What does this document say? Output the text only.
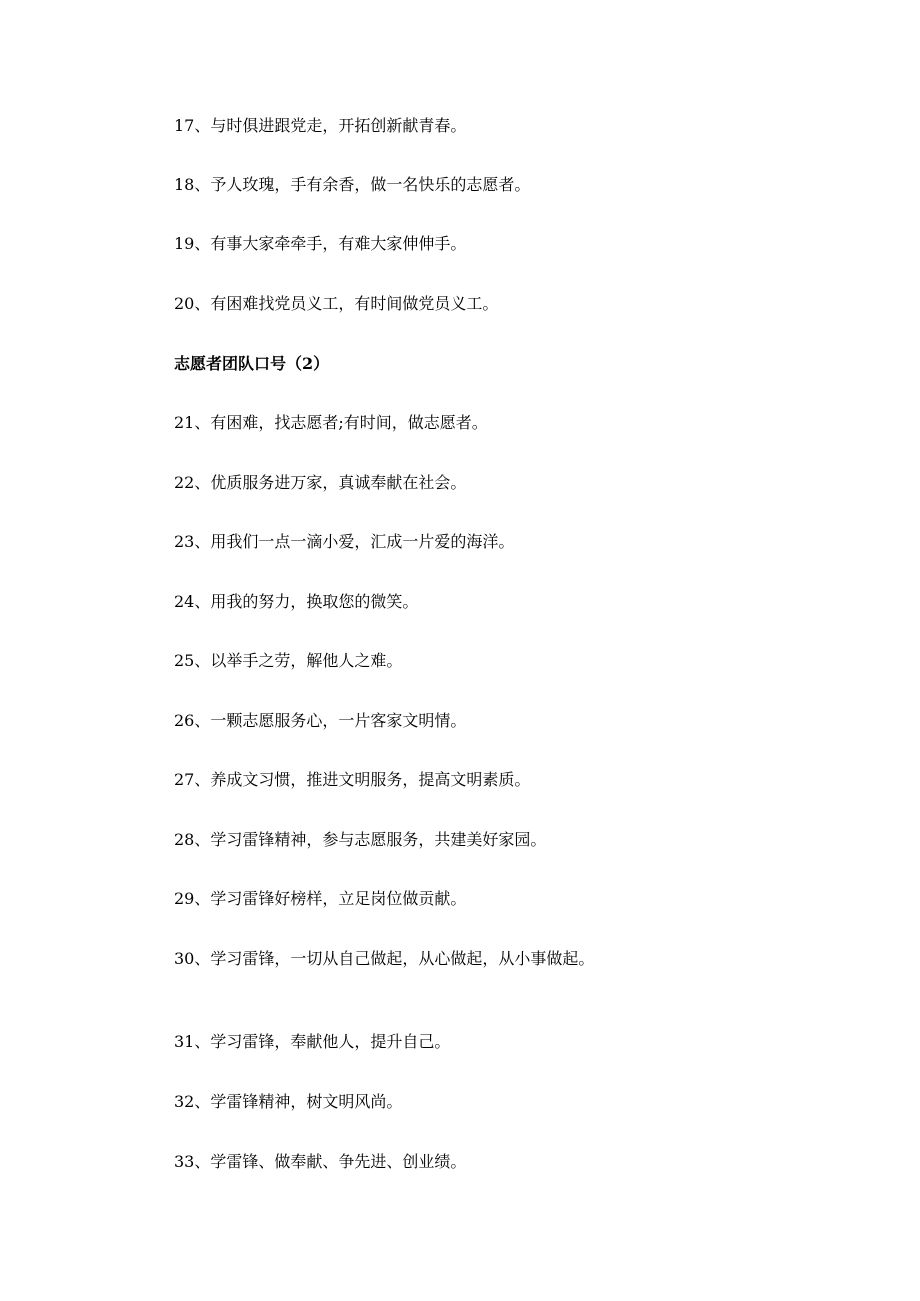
17、与时俱进跟党走，开拓创新献青春。
18、予人玫瑰，手有余香，做一名快乐的志愿者。
19、有事大家牵牵手，有难大家伸伸手。
20、有困难找党员义工，有时间做党员义工。
志愿者团队口号（2）
21、有困难，找志愿者;有时间，做志愿者。
22、优质服务进万家，真诚奉献在社会。
23、用我们一点一滴小爱，汇成一片爱的海洋。
24、用我的努力，换取您的微笑。
25、以举手之劳，解他人之难。
26、一颗志愿服务心，一片客家文明情。
27、养成文习惯，推进文明服务，提高文明素质。
28、学习雷锋精神，参与志愿服务，共建美好家园。
29、学习雷锋好榜样，立足岗位做贡献。
30、学习雷锋，一切从自己做起，从心做起，从小事做起。
31、学习雷锋，奉献他人，提升自己。
32、学雷锋精神，树文明风尚。
33、学雷锋、做奉献、争先进、创业绩。
